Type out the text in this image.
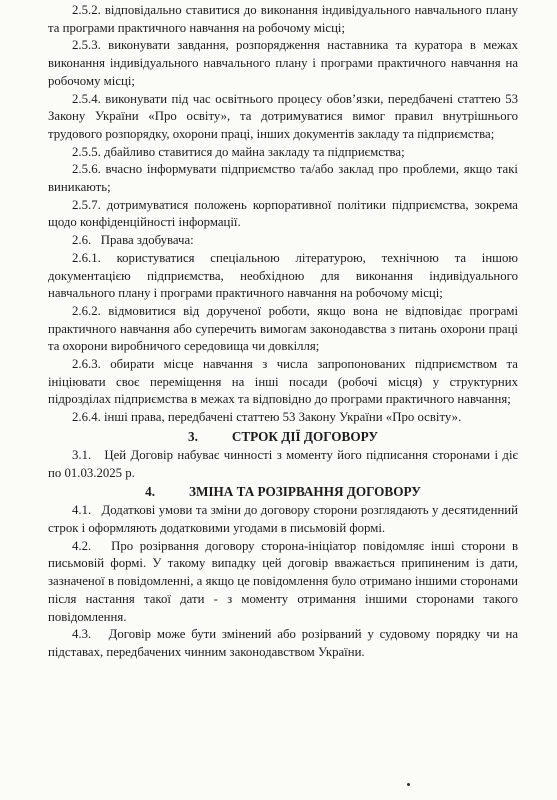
2.5.2. відповідально ставитися до виконання індивідуального навчального плану та програми практичного навчання на робочому місці;

2.5.3. виконувати завдання, розпорядження наставника та куратора в межах виконання індивідуального навчального плану і програми практичного навчання на робочому місці;

2.5.4. виконувати під час освітнього процесу обов’язки, передбачені статтею 53 Закону України «Про освіту», та дотримуватися вимог правил внутрішнього трудового розпорядку, охорони праці, інших документів закладу та підприємства;

2.5.5. дбайливо ставитися до майна закладу та підприємства;

2.5.6. вчасно інформувати підприємство та/або заклад про проблеми, якщо такі виникають;

2.5.7. дотримуватися положень корпоративної політики підприємства, зокрема щодо конфіденційності інформації.

2.6.   Права здобувача:

2.6.1. користуватися спеціальною літературою, технічною та іншою документацією підприємства, необхідною для виконання індивідуального навчального плану і програми практичного навчання на робочому місці;

2.6.2. відмовитися від дорученої роботи, якщо вона не відповідає програмі практичного навчання або суперечить вимогам законодавства з питань охорони праці та охорони виробничого середовища чи довкілля;

2.6.3. обирати місце навчання з числа запропонованих підприємством та ініціювати своє переміщення на інші посади (робочі місця) у структурних підрозділах підприємства в межах та відповідно до програми практичного навчання;

2.6.4. інші права, передбачені статтею 53 Закону України «Про освіту».

3.	СТРОК ДІЇ ДОГОВОРУ

3.1.   Цей Договір набуває чинності з моменту його підписання сторонами і діє по 01.03.2025 р.

4.	ЗМІНА ТА РОЗІРВАННЯ ДОГОВОРУ

4.1.   Додаткові умови та зміни до договору сторони розглядають у десятиденний строк і оформляють додатковими угодами в письмовій формі.

4.2.   Про розірвання договору сторона-ініціатор повідомляє інші сторони в письмовій формі. У такому випадку цей договір вважається припиненим із дати, зазначеної в повідомленні, а якщо це повідомлення було отримано іншими сторонами після настання такої дати - з моменту отримання іншими сторонами такого повідомлення.

4.3.   Договір може бути змінений або розірваний у судовому порядку чи на підставах, передбачених чинним законодавством України.
